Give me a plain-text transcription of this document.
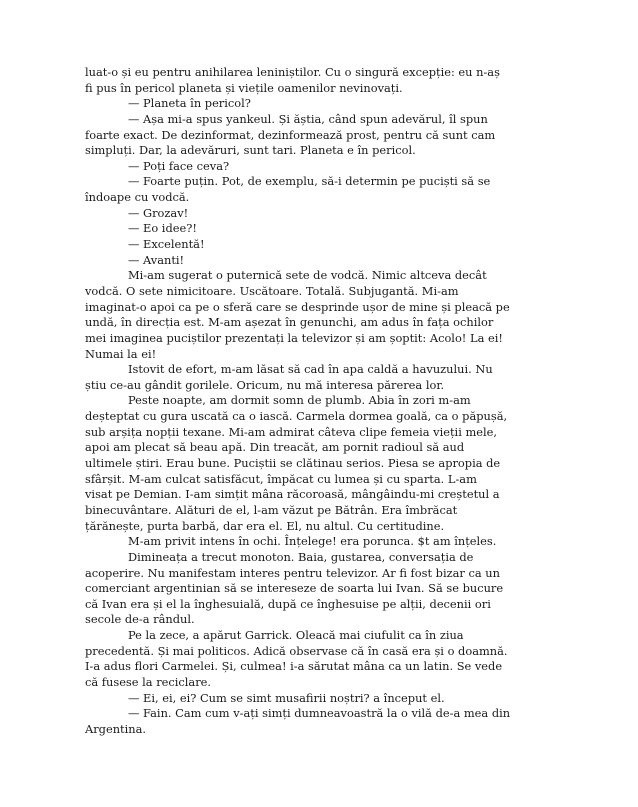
luat-o și eu pentru anihilarea leniniștilor. Cu o singură excepție: eu n-aș
fi pus în pericol planeta și viețile oamenilor nevinovați.
— Planeta în pericol?
— Așa mi-a spus yankeul. Și ăștia, când spun adevărul, îl spun
foarte exact. De dezinformat, dezinformează prost, pentru că sunt cam
simpluți. Dar, la adevăruri, sunt tari. Planeta e în pericol.
— Poți face ceva?
— Foarte puțin. Pot, de exemplu, să-i determin pe puciști să se
îndoape cu vodcă.
— Grozav!
— Eo idee?!
— Excelentă!
— Avanti!
Mi-am sugerat o puternică sete de vodcă. Nimic altceva decât
vodcă. O sete nimicitoare. Uscătoare. Totală. Subjugantă. Mi-am
imaginat-o apoi ca pe o sferă care se desprinde ușor de mine și pleacă pe
undă, în direcția est. M-am așezat în genunchi, am adus în fața ochilor
mei imaginea puciștilor prezentați la televizor și am șoptit: Acolo! La ei!
Numai la ei!
Istovit de efort, m-am lăsat să cad în apa caldă a havuzului. Nu
știu ce-au gândit gorilele. Oricum, nu mă interesa părerea lor.
Peste noapte, am dormit somn de plumb. Abia în zori m-am
deșteptat cu gura uscată ca o iască. Carmela dormea goală, ca o păpușă,
sub arșița nopții texane. Mi-am admirat câteva clipe femeia vieții mele,
apoi am plecat să beau apă. Din treacăt, am pornit radioul să aud
ultimele știri. Erau bune. Puciștii se clătinau serios. Piesa se apropia de
sfârșit. M-am culcat satisfăcut, împăcat cu lumea și cu sparta. L-am
visat pe Demian. I-am simțit mâna răcoroasă, mângâindu-mi creștetul a
binecuvântare. Alături de el, l-am văzut pe Bătrân. Era îmbrăcat
țărănește, purta barbă, dar era el. El, nu altul. Cu certitudine.
M-am privit intens în ochi. Înțelege! era porunca. $t am înțeles.
Dimineața a trecut monoton. Baia, gustarea, conversația de
acoperire. Nu manifestam interes pentru televizor. Ar fi fost bizar ca un
comerciant argentinian să se intereseze de soarta lui Ivan. Să se bucure
că Ivan era și el la înghesuială, după ce înghesuise pe alții, decenii ori
secole de-a rândul.
Pe la zece, a apărut Garrick. Oleacă mai ciufulit ca în ziua
precedentă. Și mai politicos. Adică observase că în casă era și o doamnă.
I-a adus flori Carmelei. Și, culmea! i-a sărutat mâna ca un latin. Se vede
că fusese la reciclare.
— Ei, ei, ei? Cum se simt musafirii noștri? a început el.
— Fain. Cam cum v-ați simți dumneavoastră la o vilă de-a mea din
Argentina.
